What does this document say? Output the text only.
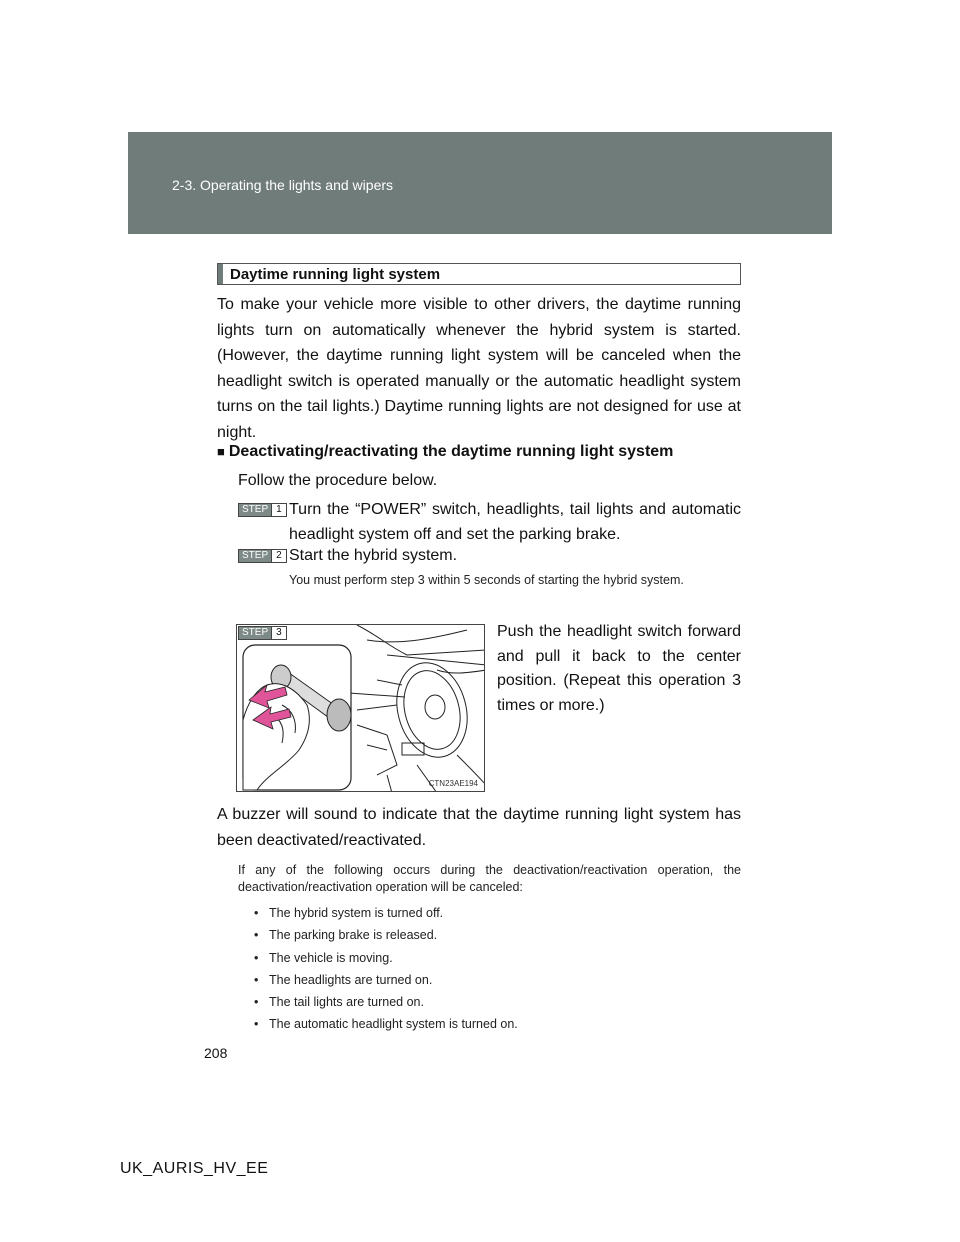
2-3. Operating the lights and wipers
Daytime running light system
To make your vehicle more visible to other drivers, the daytime running lights turn on automatically whenever the hybrid system is started. (However, the daytime running light system will be canceled when the headlight switch is operated manually or the automatic headlight system turns on the tail lights.) Daytime running lights are not designed for use at night.
■ Deactivating/reactivating the daytime running light system
Follow the procedure below.
STEP 1 Turn the “POWER” switch, headlights, tail lights and automatic headlight system off and set the parking brake.
STEP 2 Start the hybrid system.
You must perform step 3 within 5 seconds of starting the hybrid system.
CTN23AE194
STEP 3	Push the headlight switch forward and pull it back to the center position. (Repeat this operation 3 times or more.)
A buzzer will sound to indicate that the daytime running light system has been deactivated/reactivated.
If any of the following occurs during the deactivation/reactivation operation, the deactivation/reactivation operation will be canceled:
• The hybrid system is turned off.
• The parking brake is released.
• The vehicle is moving.
• The headlights are turned on.
• The tail lights are turned on.
• The automatic headlight system is turned on.
208
UK_AURIS_HV_EE
